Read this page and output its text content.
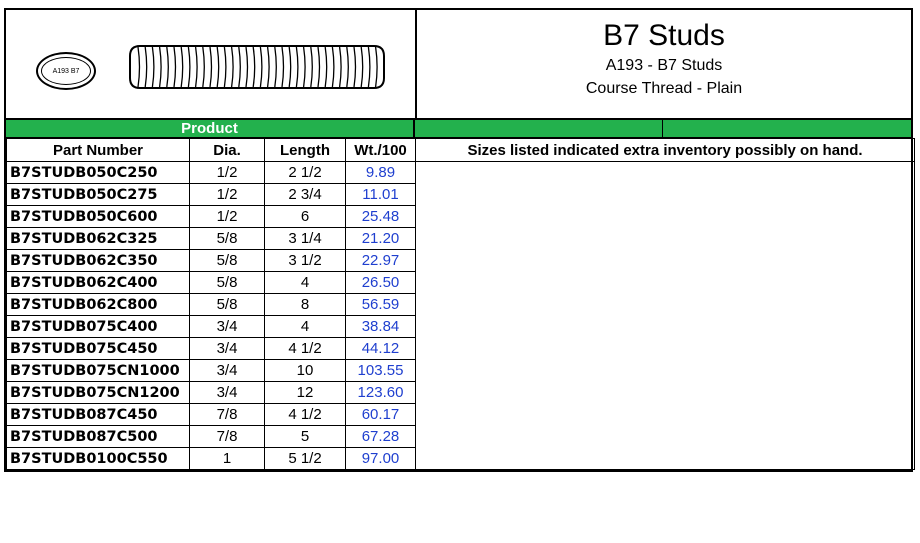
A193 B7
B7 Studs
A193 - B7 Studs
Course Thread - Plain
Product
Part Number	Dia.	Length	Wt./100	Sizes listed indicated extra inventory possibly on hand.
B7STUDB050C250	1/2	2 1/2	9.89	
B7STUDB050C275	1/2	2 3/4	11.01	
B7STUDB050C600	1/2	6	25.48	
B7STUDB062C325	5/8	3 1/4	21.20	
B7STUDB062C350	5/8	3 1/2	22.97	
B7STUDB062C400	5/8	4	26.50	
B7STUDB062C800	5/8	8	56.59	
B7STUDB075C400	3/4	4	38.84	
B7STUDB075C450	3/4	4 1/2	44.12	
B7STUDB075CN1000	3/4	10	103.55	
B7STUDB075CN1200	3/4	12	123.60	
B7STUDB087C450	7/8	4 1/2	60.17	
B7STUDB087C500	7/8	5	67.28	
B7STUDB0100C550	1	5 1/2	97.00	
